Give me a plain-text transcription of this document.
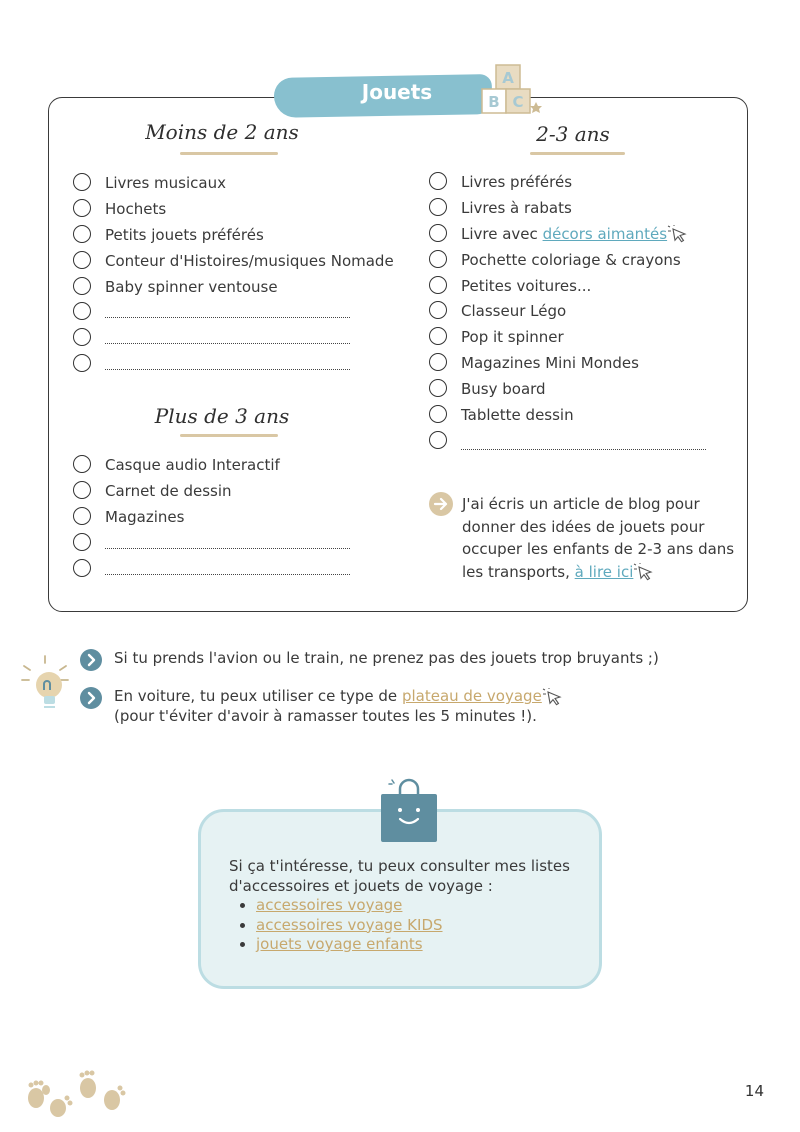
Jouets
A
B C
Moins de 2 ans
Livres musicaux
Hochets
Petits jouets préférés
Conteur d'Histoires/musiques Nomade
Baby spinner ventouse
Plus de 3 ans
Casque audio Interactif
Carnet de dessin
Magazines
2-3 ans
Livres préférés
Livres à rabats
Livre avec décors aimantés
Pochette coloriage & crayons
Petites voitures...
Classeur Légo
Pop it spinner
Magazines Mini Mondes
Busy board
Tablette dessin
J'ai écris un article de blog pour
donner des idées de jouets pour
occuper les enfants de 2-3 ans dans
les transports, à lire ici
Si tu prends l'avion ou le train, ne prenez pas des jouets trop bruyants ;)
En voiture, tu peux utiliser ce type de plateau de voyage
(pour t'éviter d'avoir à ramasser toutes les 5 minutes !).
Si ça t'intéresse, tu peux consulter mes listes
d'accessoires et jouets de voyage :
• accessoires voyage
• accessoires voyage KIDS
• jouets voyage enfants
14
